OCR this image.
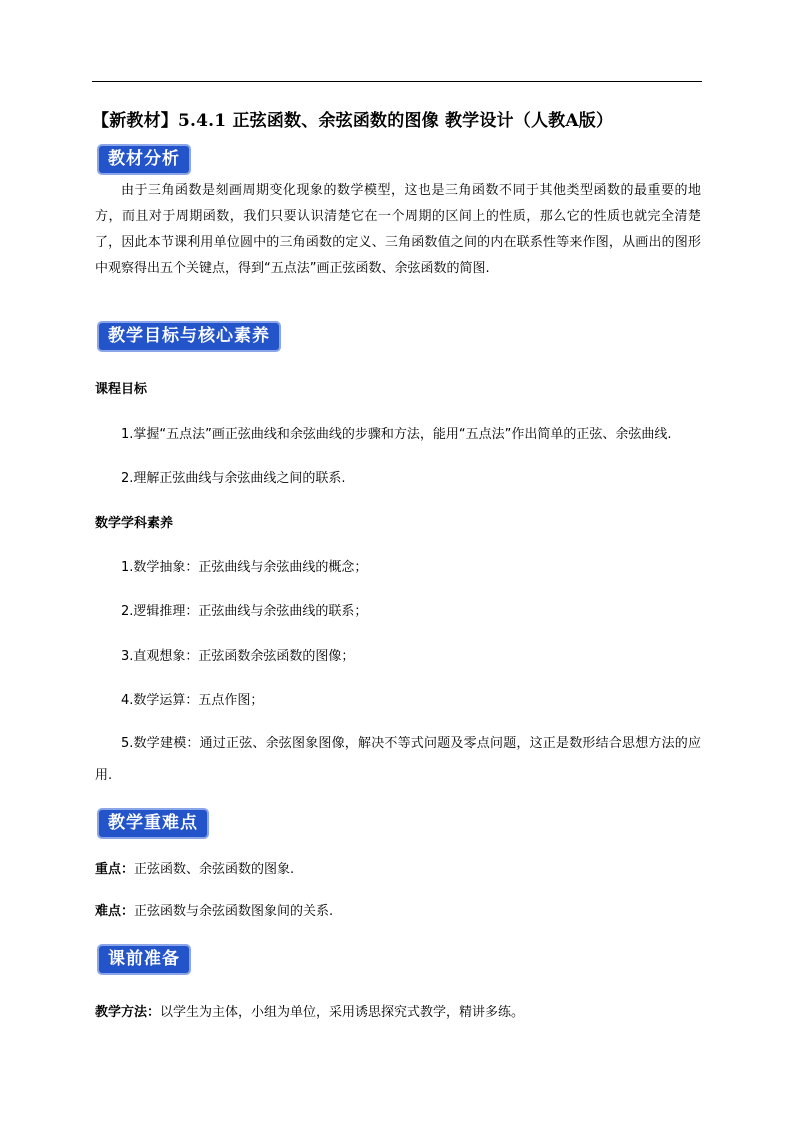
【新教材】5.4.1 正弦函数、余弦函数的图像 教学设计（人教A版）
教材分析
由于三角函数是刻画周期变化现象的数学模型，这也是三角函数不同于其他类型函数的最重要的地方，而且对于周期函数，我们只要认识清楚它在一个周期的区间上的性质，那么它的性质也就完全清楚了，因此本节课利用单位圆中的三角函数的定义、三角函数值之间的内在联系性等来作图，从画出的图形中观察得出五个关键点，得到“五点法”画正弦函数、余弦函数的简图.
教学目标与核心素养
课程目标
1.掌握“五点法”画正弦曲线和余弦曲线的步骤和方法，能用“五点法”作出简单的正弦、余弦曲线.
2.理解正弦曲线与余弦曲线之间的联系.
数学学科素养
1.数学抽象：正弦曲线与余弦曲线的概念；
2.逻辑推理：正弦曲线与余弦曲线的联系；
3.直观想象：正弦函数余弦函数的图像；
4.数学运算：五点作图；
5.数学建模：通过正弦、余弦图象图像，解决不等式问题及零点问题，这正是数形结合思想方法的应用.
教学重难点
重点：正弦函数、余弦函数的图象.
难点：正弦函数与余弦函数图象间的关系.
课前准备
教学方法：以学生为主体，小组为单位，采用诱思探究式教学，精讲多练。
